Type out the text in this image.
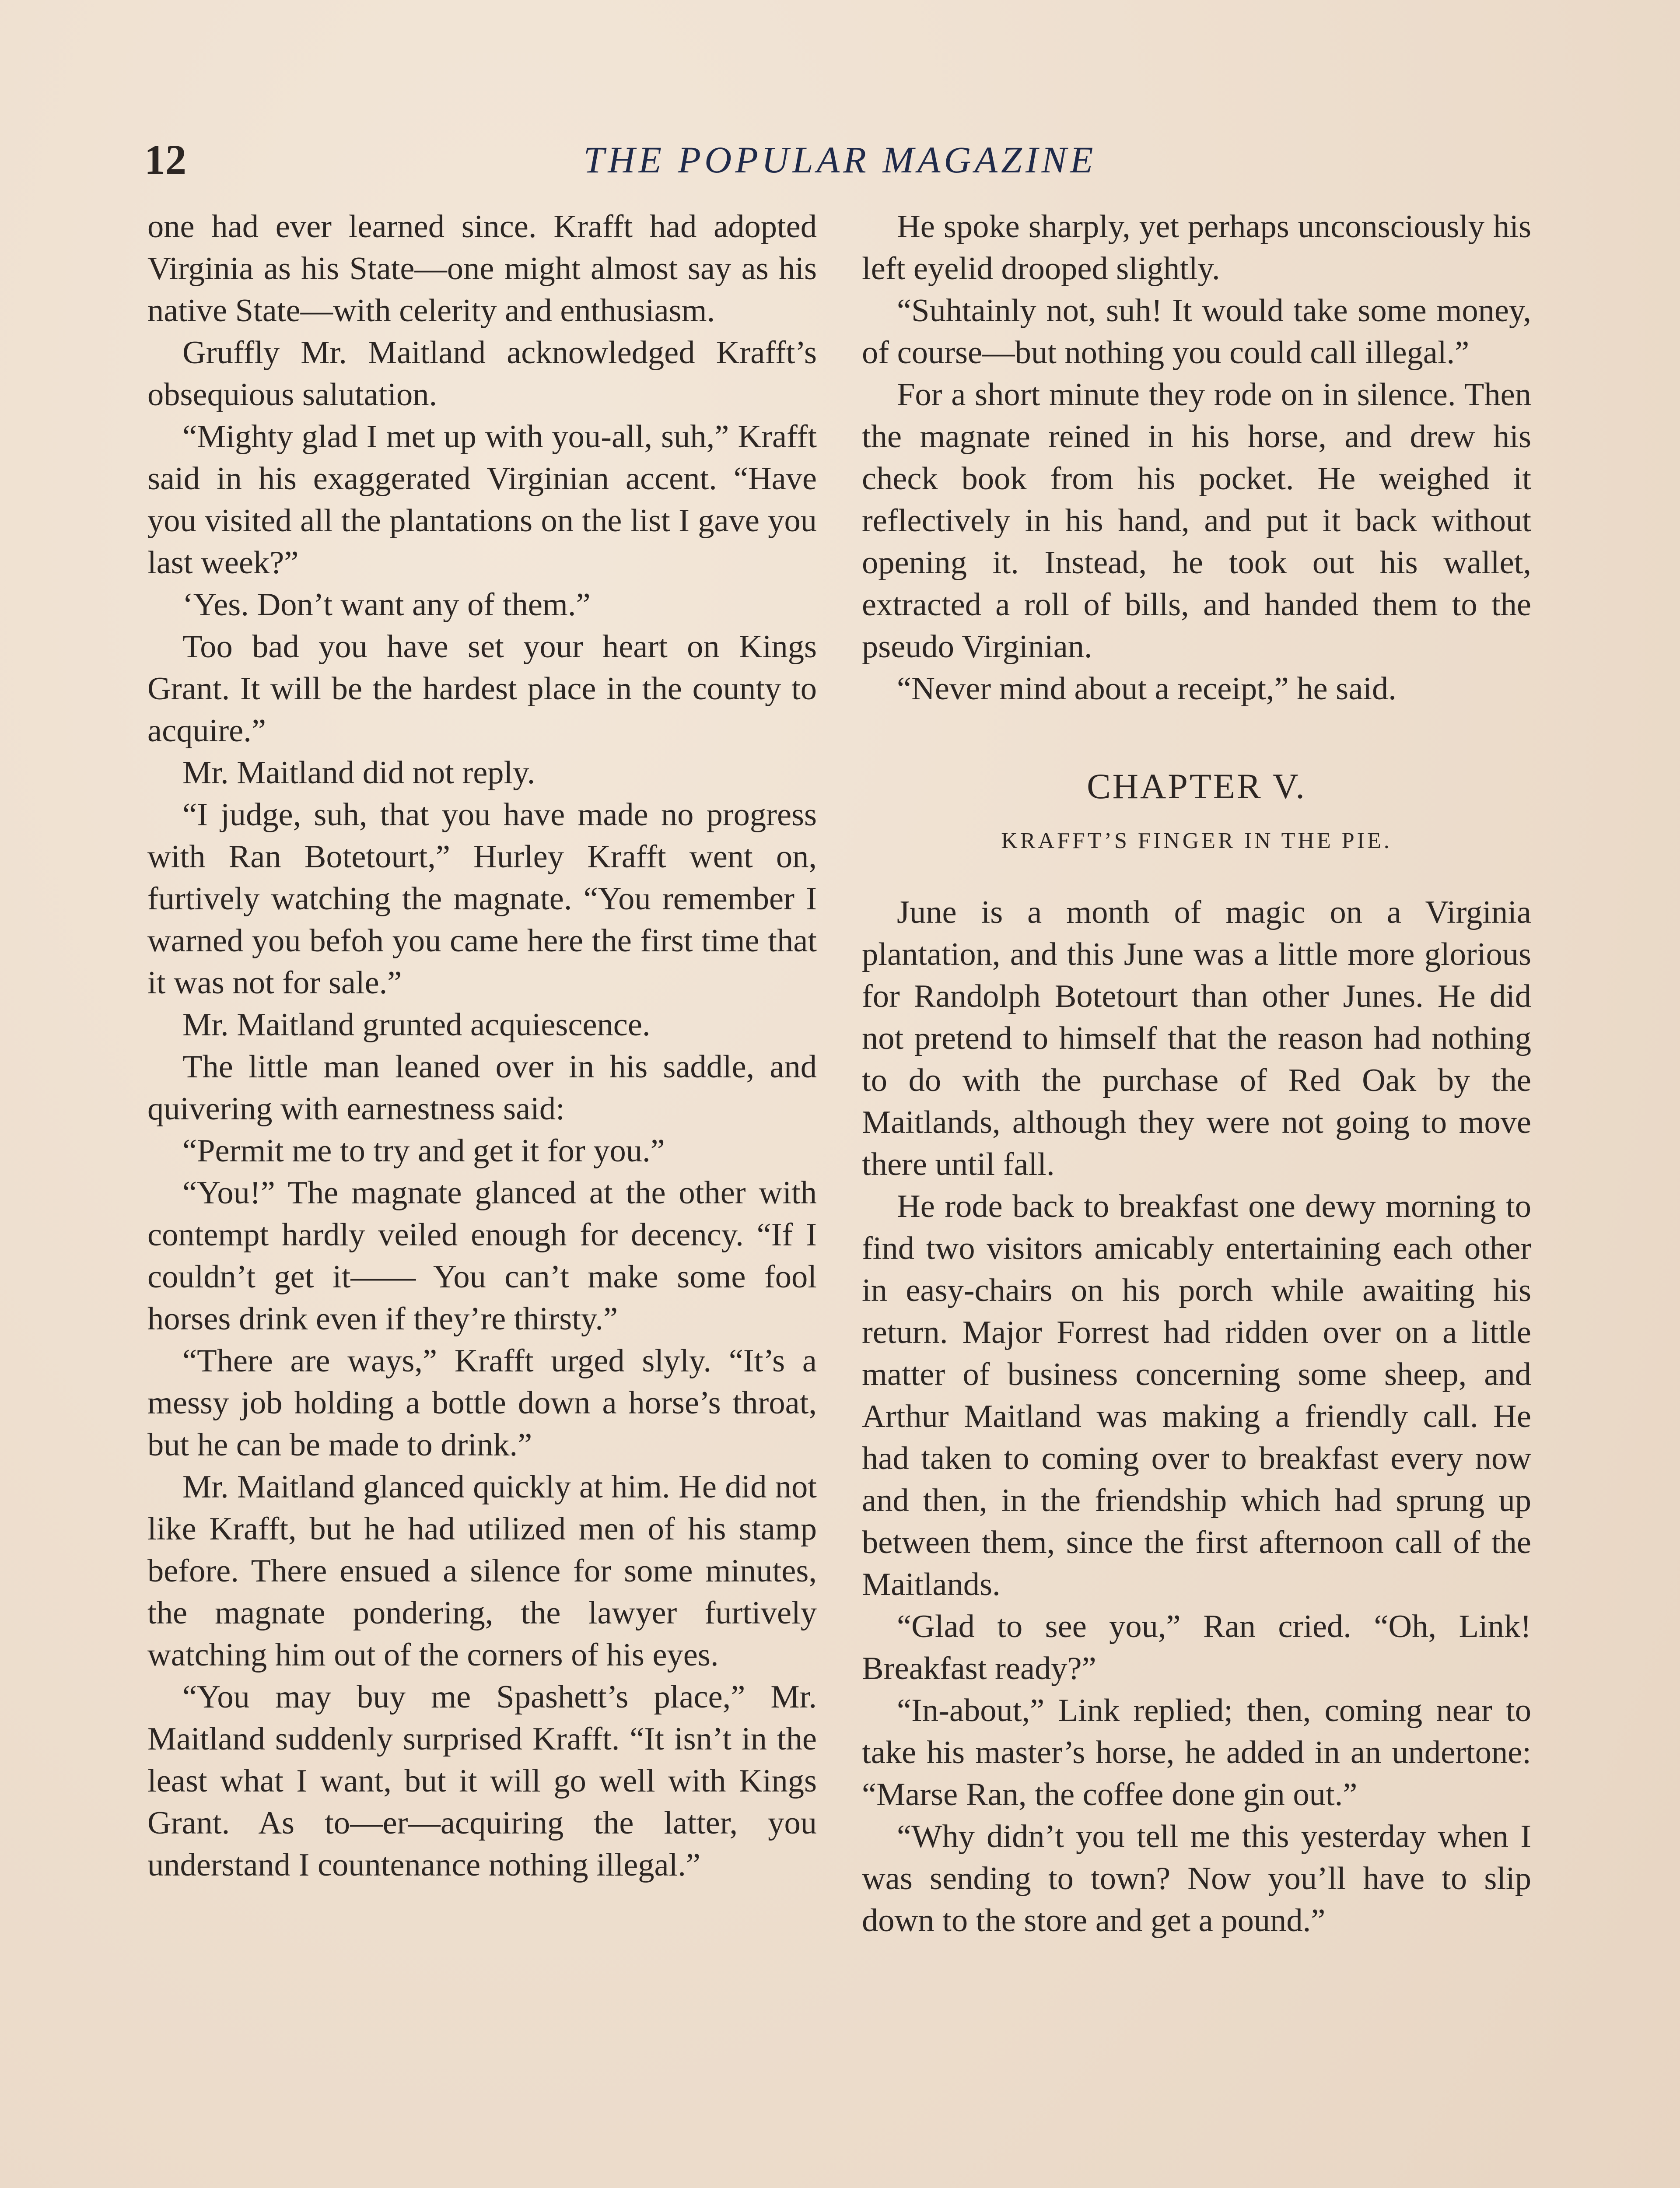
12	THE POPULAR MAGAZINE

one had ever learned since. Krafft had adopted Virginia as his State—one might almost say as his native State—with celerity and enthusiasm.

Gruffly Mr. Maitland acknowledged Krafft’s obsequious salutation.

“Mighty glad I met up with you-all, suh,” Krafft said in his exaggerated Virginian accent. “Have you visited all the plantations on the list I gave you last week?”

‘Yes. Don’t want any of them.”

Too bad you have set your heart on Kings Grant. It will be the hardest place in the county to acquire.”

Mr. Maitland did not reply.

“I judge, suh, that you have made no progress with Ran Botetourt,” Hurley Krafft went on, furtively watching the magnate. “You remember I warned you befoh you came here the first time that it was not for sale.”

Mr. Maitland grunted acquiescence.

The little man leaned over in his saddle, and quivering with earnestness said:

“Permit me to try and get it for you.”

“You!” The magnate glanced at the other with contempt hardly veiled enough for decency. “If I couldn’t get it—— You can’t make some fool horses drink even if they’re thirsty.”

“There are ways,” Krafft urged slyly. “It’s a messy job holding a bottle down a horse’s throat, but he can be made to drink.”

Mr. Maitland glanced quickly at him. He did not like Krafft, but he had utilized men of his stamp before. There ensued a silence for some minutes, the magnate pondering, the lawyer furtively watching him out of the corners of his eyes.

“You may buy me Spashett’s place,” Mr. Maitland suddenly surprised Krafft. “It isn’t in the least what I want, but it will go well with Kings Grant. As to—er—acquiring the latter, you understand I countenance nothing illegal.”

He spoke sharply, yet perhaps unconsciously his left eyelid drooped slightly.

“Suhtainly not, suh! It would take some money, of course—but nothing you could call illegal.”

For a short minute they rode on in silence. Then the magnate reined in his horse, and drew his check book from his pocket. He weighed it reflectively in his hand, and put it back without opening it. Instead, he took out his wallet, extracted a roll of bills, and handed them to the pseudo Virginian.

“Never mind about a receipt,” he said.

CHAPTER V.

KRAFFT’S FINGER IN THE PIE.

June is a month of magic on a Virginia plantation, and this June was a little more glorious for Randolph Botetourt than other Junes. He did not pretend to himself that the reason had nothing to do with the purchase of Red Oak by the Maitlands, although they were not going to move there until fall.

He rode back to breakfast one dewy morning to find two visitors amicably entertaining each other in easy-chairs on his porch while awaiting his return. Major Forrest had ridden over on a little matter of business concerning some sheep, and Arthur Maitland was making a friendly call. He had taken to coming over to breakfast every now and then, in the friendship which had sprung up between them, since the first afternoon call of the Maitlands.

“Glad to see you,” Ran cried. “Oh, Link! Breakfast ready?”

“In-about,” Link replied; then, coming near to take his master’s horse, he added in an undertone: “Marse Ran, the coffee done gin out.”

“Why didn’t you tell me this yesterday when I was sending to town? Now you’ll have to slip down to the store and get a pound.”
